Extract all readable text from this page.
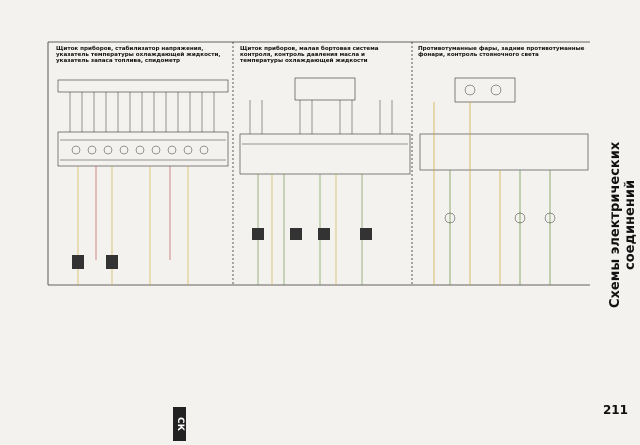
Щиток приборов, стабилизатор напряжения, указатель температуры охлаждающей жидкости, указатель запаса топлива, спидометр
Щиток приборов, малая бортовая система контроля, контроль давления масла и температуры охлаждающей жидкости
Противотуманные фары, задние противотуманные фонари, контроль стояночного света
Схемы электрических соединений
211
СК
